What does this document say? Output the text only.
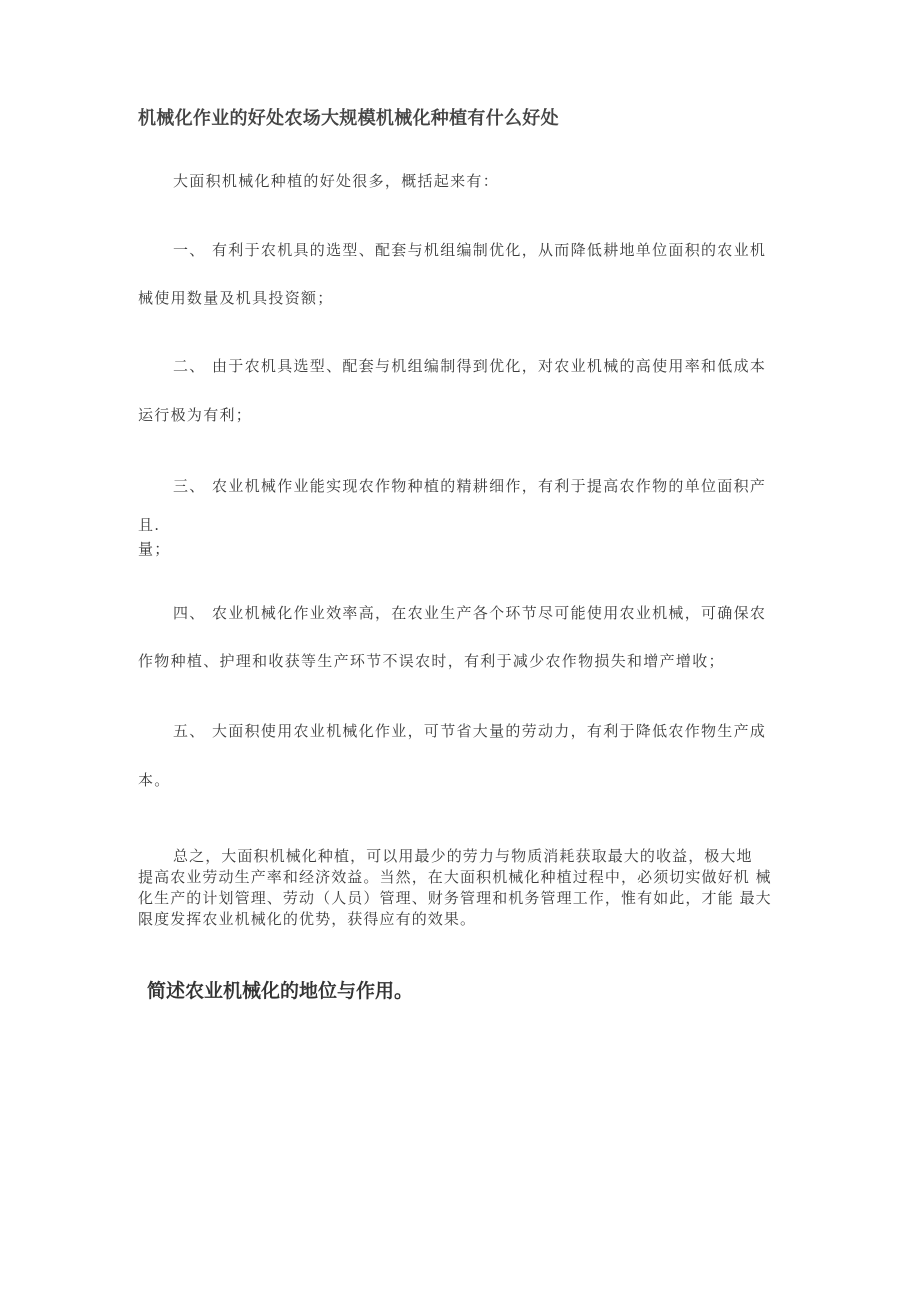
机械化作业的好处农场大规模机械化种植有什么好处
大面积机械化种植的好处很多，概括起来有：
一、 有利于农机具的选型、配套与机组编制优化，从而降低耕地单位面积的农业机
械使用数量及机具投资额；
二、 由于农机具选型、配套与机组编制得到优化，对农业机械的高使用率和低成本
运行极为有利；
三、 农业机械作业能实现农作物种植的精耕细作，有利于提高农作物的单位面积产
且.
量；
四、 农业机械化作业效率高，在农业生产各个环节尽可能使用农业机械，可确保农
作物种植、护理和收获等生产环节不误农时，有利于减少农作物损失和增产增收；
五、 大面积使用农业机械化作业，可节省大量的劳动力，有利于降低农作物生产成
本。
总之，大面积机械化种植，可以用最少的劳力与物质消耗获取最大的收益，极大地
提高农业劳动生产率和经济效益。当然，在大面积机械化种植过程中，必须切实做好机 械
化生产的计划管理、劳动（人员）管理、财务管理和机务管理工作，惟有如此，才能 最大
限度发挥农业机械化的优势，获得应有的效果。
简述农业机械化的地位与作用。
